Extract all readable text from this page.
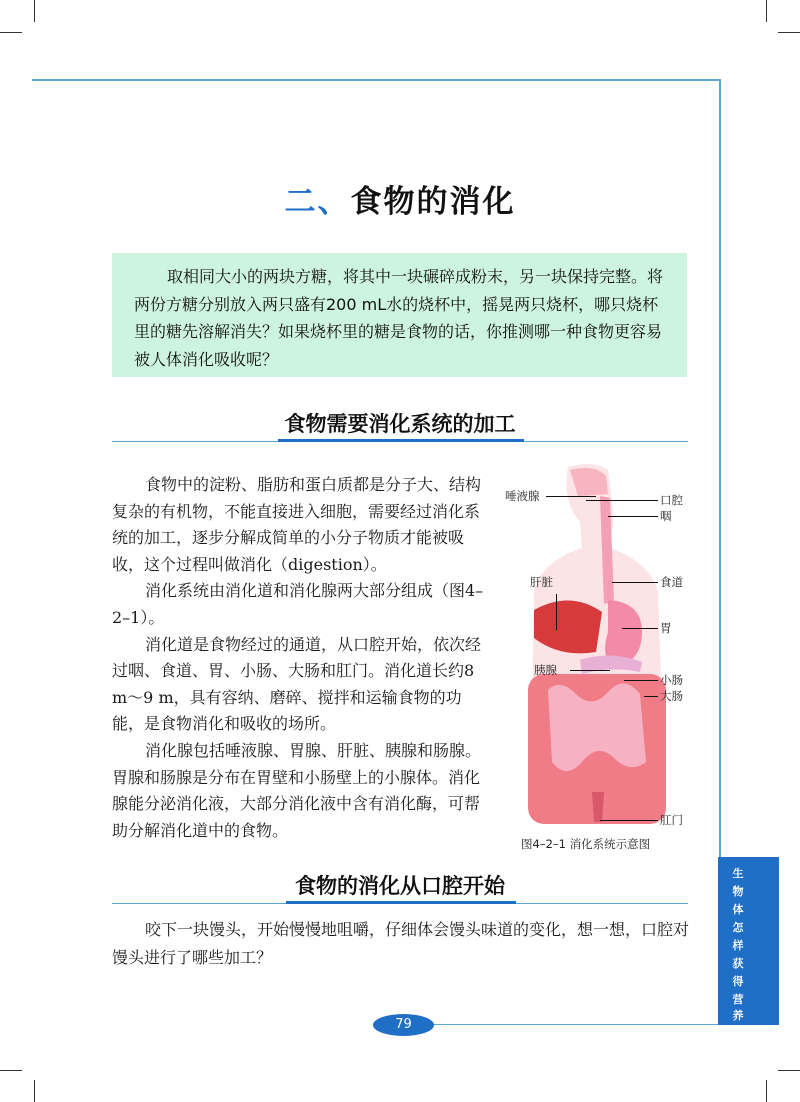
二、食物的消化

取相同大小的两块方糖，将其中一块碾碎成粉末，另一块保持完整。将两份方糖分别放入两只盛有200 mL水的烧杯中，摇晃两只烧杯，哪只烧杯里的糖先溶解消失？如果烧杯里的糖是食物的话，你推测哪一种食物更容易被人体消化吸收呢？

食物需要消化系统的加工

食物中的淀粉、脂肪和蛋白质都是分子大、结构复杂的有机物，不能直接进入细胞，需要经过消化系统的加工，逐步分解成简单的小分子物质才能被吸收，这个过程叫做消化（digestion）。

消化系统由消化道和消化腺两大部分组成（图4–2–1）。

消化道是食物经过的通道，从口腔开始，依次经过咽、食道、胃、小肠、大肠和肛门。消化道长约8 m～9 m，具有容纳、磨碎、搅拌和运输食物的功能，是食物消化和吸收的场所。

消化腺包括唾液腺、胃腺、肝脏、胰腺和肠腺。胃腺和肠腺是分布在胃壁和小肠壁上的小腺体。消化腺能分泌消化液，大部分消化液中含有消化酶，可帮助分解消化道中的食物。

唾液腺	口腔
咽
肝脏	食道
胃
胰腺
小肠
大肠
肛门
图4–2–1 消化系统示意图
食物的消化从口腔开始

咬下一块馒头，开始慢慢地咀嚼，仔细体会馒头味道的变化，想一想，口腔对馒头进行了哪些加工？

生
物
体
怎
样
获
得
营
养
79
